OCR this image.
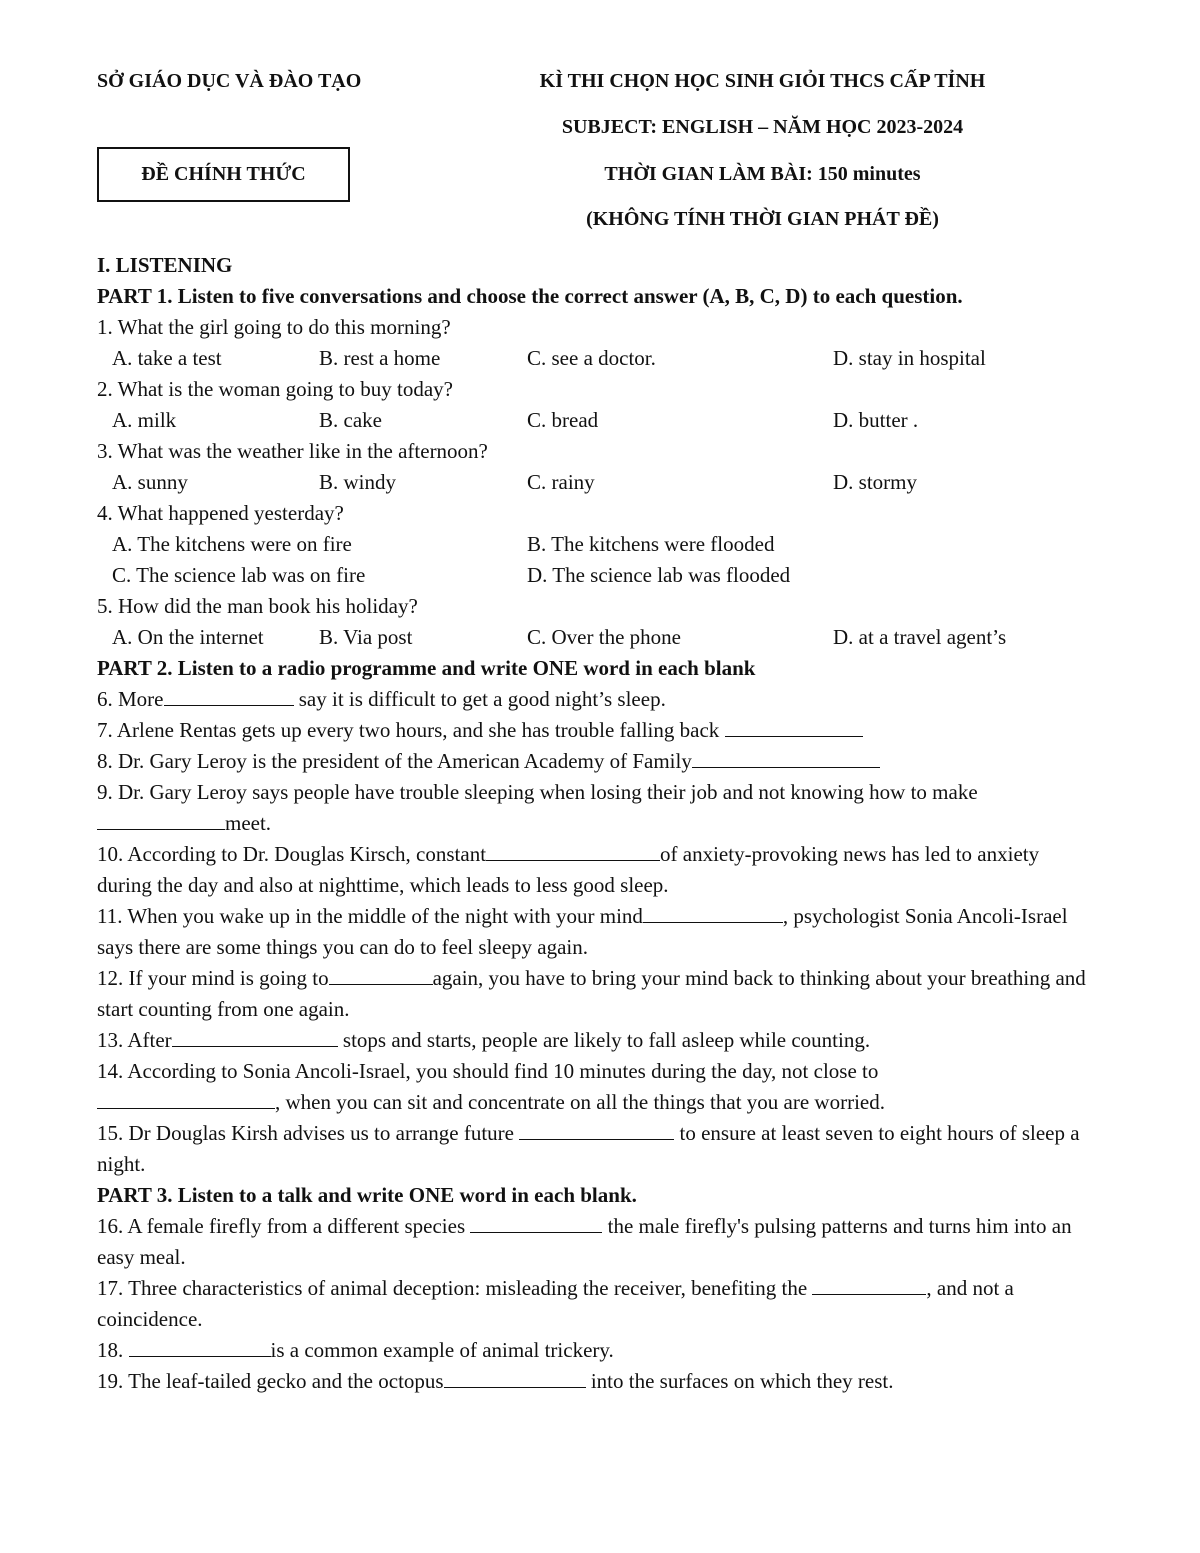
SỞ GIÁO DỤC VÀ ĐÀO TẠO	KÌ THI CHỌN HỌC SINH GIỎI THCS CẤP TỈNH
SUBJECT: ENGLISH – NĂM HỌC 2023-2024
THỜI GIAN LÀM BÀI: 150 minutes
(KHÔNG TÍNH THỜI GIAN PHÁT ĐỀ)
ĐỀ CHÍNH THỨC
I. LISTENING
PART 1. Listen to five conversations and choose the correct answer (A, B, C, D) to each question.
1. What the girl going to do this morning?
A. take a test	B. rest a home	C. see a doctor.	D. stay in hospital
2. What is the woman going to buy today?
A. milk	B. cake	C. bread	D. butter .
3. What was the weather like in the afternoon?
A. sunny	B. windy	C. rainy	D. stormy
4. What happened yesterday?
A. The kitchens were on fire	B. The kitchens were flooded
C. The science lab was on fire	D. The science lab was flooded
5. How did the man book his holiday?
A. On the internet	B. Via post	C. Over the phone	D. at a travel agent’s
PART 2. Listen to a radio programme and write ONE word in each blank
6. More	say it is difficult to get a good night’s sleep.
7. Arlene Rentas gets up every two hours, and she has trouble falling back
8. Dr. Gary Leroy is the president of the American Academy of Family
9. Dr. Gary Leroy says people have trouble sleeping when losing their job and not knowing how to makemeet.
10. According to Dr. Douglas Kirsch, constant	of anxiety-provoking news has led to anxiety during the day and also at nighttime, which leads to less good sleep.
11. When you wake up in the middle of the night with your mind	, psychologist Sonia Ancoli-Israel says there are some things you can do to feel sleepy again.
12. If your mind is going to	again, you have to bring your mind back to thinking about your breathing and start counting from one again.
13. After	stops and starts, people are likely to fall asleep while counting.
14. According to Sonia Ancoli-Israel, you should find 10 minutes during the day, not close to
, when you can sit and concentrate on all the things that you are worried.
15. Dr Douglas Kirsh advises us to arrange future	to ensure at least seven to eight hours of sleep a night.
PART 3. Listen to a talk and write ONE word in each blank.
16. A female firefly from a different species	the male firefly's pulsing patterns and turns him into an easy meal.
17. Three characteristics of animal deception: misleading the receiver, benefiting the	, and not a coincidence.
18.	is a common example of animal trickery.
19. The leaf-tailed gecko and the octopus	into the surfaces on which they rest.
